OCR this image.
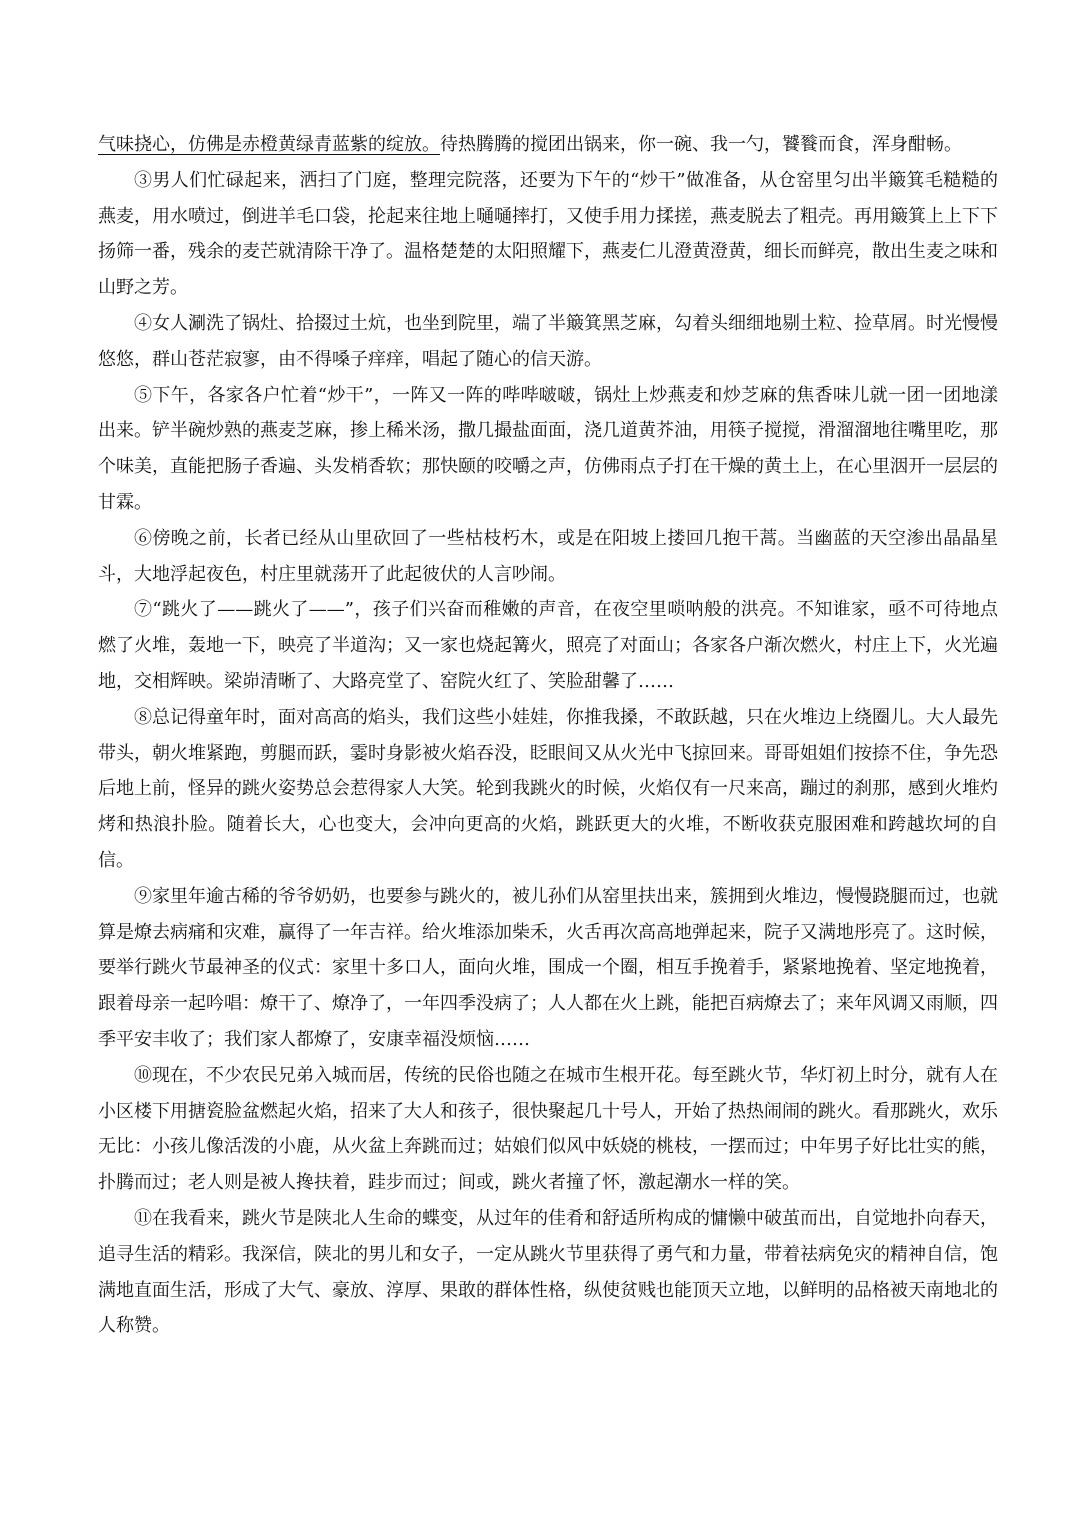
气味挠心，仿佛是赤橙黄绿青蓝紫的绽放。待热腾腾的搅团出锅来，你一碗、我一勺，饕餮而食，浑身酣畅。

③男人们忙碌起来，洒扫了门庭，整理完院落，还要为下午的“炒干”做准备，从仓窑里匀出半簸箕毛糙糙的燕麦，用水喷过，倒进羊毛口袋，抡起来往地上嗵嗵摔打，又使手用力揉搓，燕麦脱去了粗壳。再用簸箕上上下下扬筛一番，残余的麦芒就清除干净了。温格楚楚的太阳照耀下，燕麦仁儿澄黄澄黄，细长而鲜亮，散出生麦之味和山野之芳。

④女人涮洗了锅灶、拾掇过土炕，也坐到院里，端了半簸箕黑芝麻，勾着头细细地剔土粒、捡草屑。时光慢慢悠悠，群山苍茫寂寥，由不得嗓子痒痒，唱起了随心的信天游。

⑤下午，各家各户忙着“炒干”，一阵又一阵的哔哔啵啵，锅灶上炒燕麦和炒芝麻的焦香味儿就一团一团地漾出来。铲半碗炒熟的燕麦芝麻，掺上稀米汤，撒几撮盐面面，浇几道黄芥油，用筷子搅搅，滑溜溜地往嘴里吃，那个味美，直能把肠子香遍、头发梢香软；那快颐的咬嚼之声，仿佛雨点子打在干燥的黄土上，在心里洇开一层层的甘霖。

⑥傍晚之前，长者已经从山里砍回了一些枯枝朽木，或是在阳坡上搂回几抱干蒿。当幽蓝的天空渗出晶晶星斗，大地浮起夜色，村庄里就荡开了此起彼伏的人言吵闹。

⑦“跳火了——跳火了——”，孩子们兴奋而稚嫩的声音，在夜空里唢呐般的洪亮。不知谁家，亟不可待地点燃了火堆，轰地一下，映亮了半道沟；又一家也烧起篝火，照亮了对面山；各家各户渐次燃火，村庄上下，火光遍地，交相辉映。梁峁清晰了、大路亮堂了、窑院火红了、笑脸甜馨了……

⑧总记得童年时，面对高高的焰头，我们这些小娃娃，你推我搡，不敢跃越，只在火堆边上绕圈儿。大人最先带头，朝火堆紧跑，剪腿而跃，霎时身影被火焰吞没，眨眼间又从火光中飞掠回来。哥哥姐姐们按捺不住，争先恐后地上前，怪异的跳火姿势总会惹得家人大笑。轮到我跳火的时候，火焰仅有一尺来高，蹦过的刹那，感到火堆灼烤和热浪扑脸。随着长大，心也变大，会冲向更高的火焰，跳跃更大的火堆，不断收获克服困难和跨越坎坷的自信。

⑨家里年逾古稀的爷爷奶奶，也要参与跳火的，被儿孙们从窑里扶出来，簇拥到火堆边，慢慢跷腿而过，也就算是燎去病痛和灾难，赢得了一年吉祥。给火堆添加柴禾，火舌再次高高地弹起来，院子又满地彤亮了。这时候，要举行跳火节最神圣的仪式：家里十多口人，面向火堆，围成一个圈，相互手挽着手，紧紧地挽着、坚定地挽着，跟着母亲一起吟唱：燎干了、燎净了，一年四季没病了；人人都在火上跳，能把百病燎去了；来年风调又雨顺，四季平安丰收了；我们家人都燎了，安康幸福没烦恼……

⑩现在，不少农民兄弟入城而居，传统的民俗也随之在城市生根开花。每至跳火节，华灯初上时分，就有人在小区楼下用搪瓷脸盆燃起火焰，招来了大人和孩子，很快聚起几十号人，开始了热热闹闹的跳火。看那跳火，欢乐无比：小孩儿像活泼的小鹿，从火盆上奔跳而过；姑娘们似风中妖娆的桃枝，一摆而过；中年男子好比壮实的熊，扑腾而过；老人则是被人搀扶着，跬步而过；间或，跳火者撞了怀，激起潮水一样的笑。

⑪在我看来，跳火节是陕北人生命的蝶变，从过年的佳肴和舒适所构成的慵懒中破茧而出，自觉地扑向春天，追寻生活的精彩。我深信，陕北的男儿和女子，一定从跳火节里获得了勇气和力量，带着祛病免灾的精神自信，饱满地直面生活，形成了大气、豪放、淳厚、果敢的群体性格，纵使贫贱也能顶天立地，以鲜明的品格被天南地北的人称赞。
